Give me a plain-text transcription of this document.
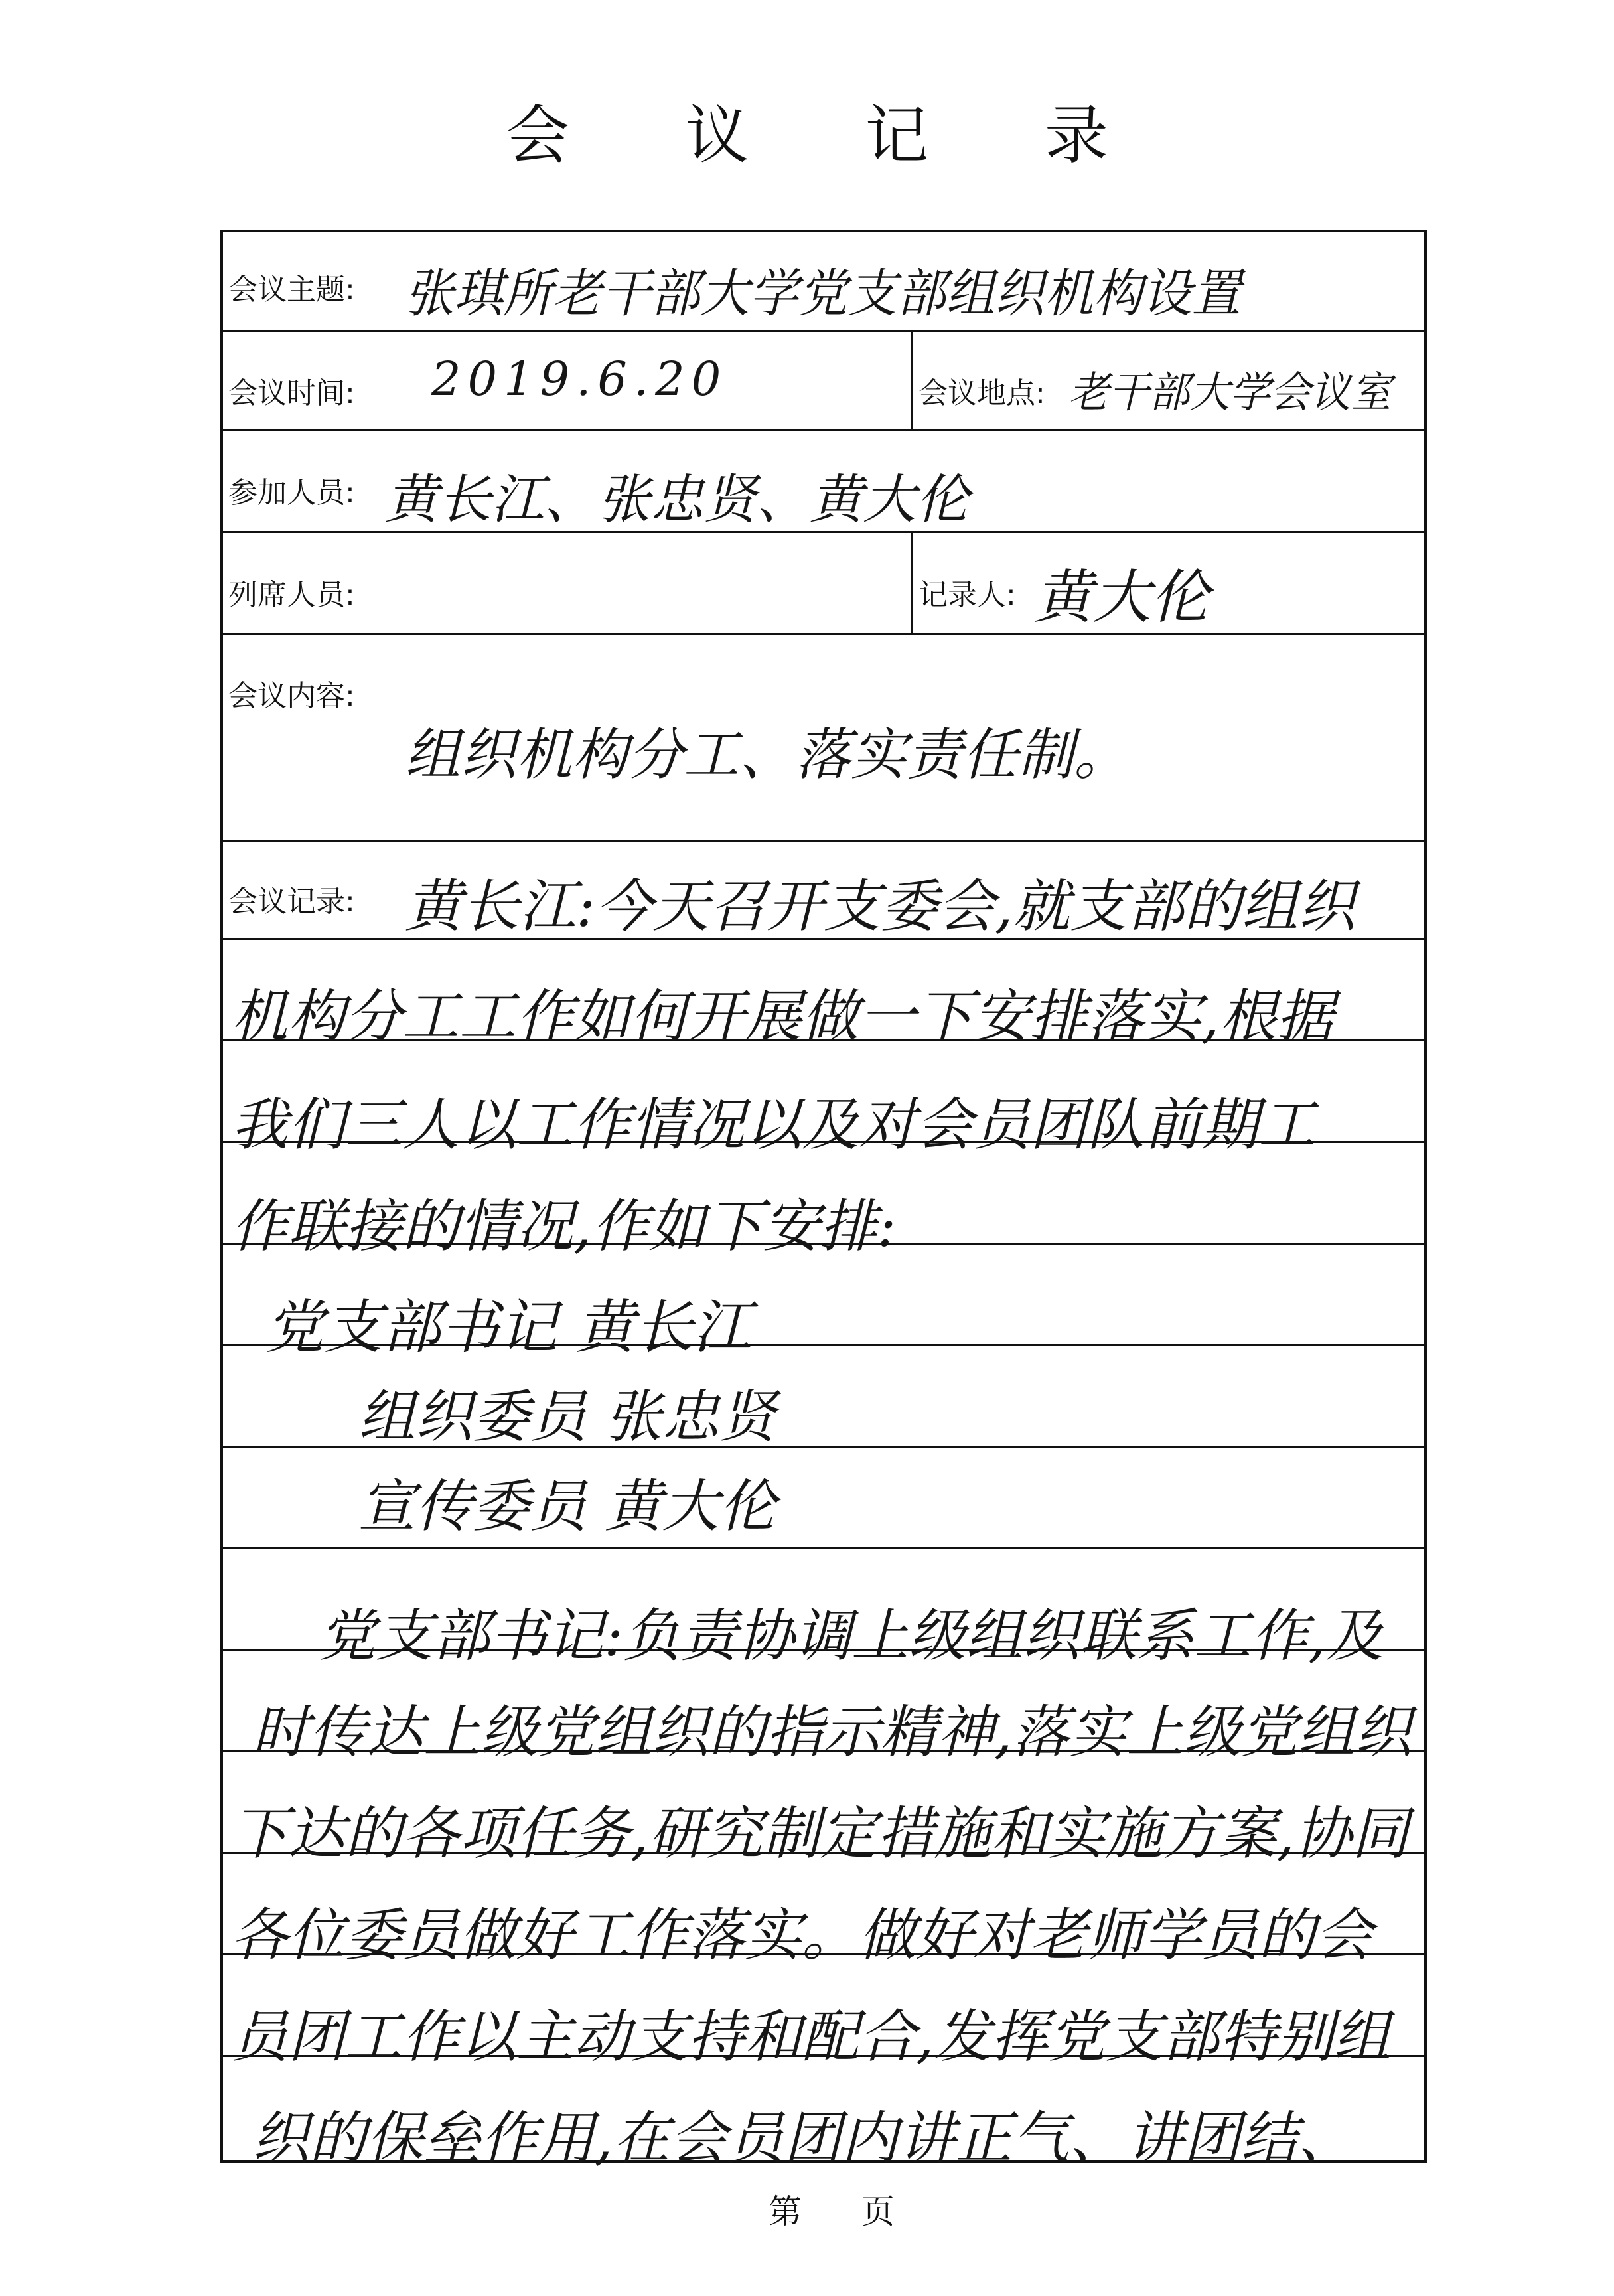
会 议 记 录
会议主题: 张琪所老干部大学党支部组织机构设置
会议时间: 2019.6.20	会议地点: 老干部大学会议室
参加人员: 黄长江、张忠贤、黄大伦
列席人员:	记录人: 黄大伦
会议内容:
组织机构分工、落实责任制。
会议记录: 黄长江:今天召开支委会,就支部的组织
机构分工工作如何开展做一下安排落实,根据
我们三人以工作情况以及对会员团队前期工
作联接的情况,作如下安排:
党支部书记 黄长江
组织委员 张忠贤
宣传委员 黄大伦
党支部书记:负责协调上级组织联系工作,及
时传达上级党组织的指示精神,落实上级党组织
下达的各项任务,研究制定措施和实施方案,协同
各位委员做好工作落实。做好对老师学员的会
员团工作以主动支持和配合,发挥党支部特别组
织的保垒作用,在会员团内讲正气、讲团结、
第 页
